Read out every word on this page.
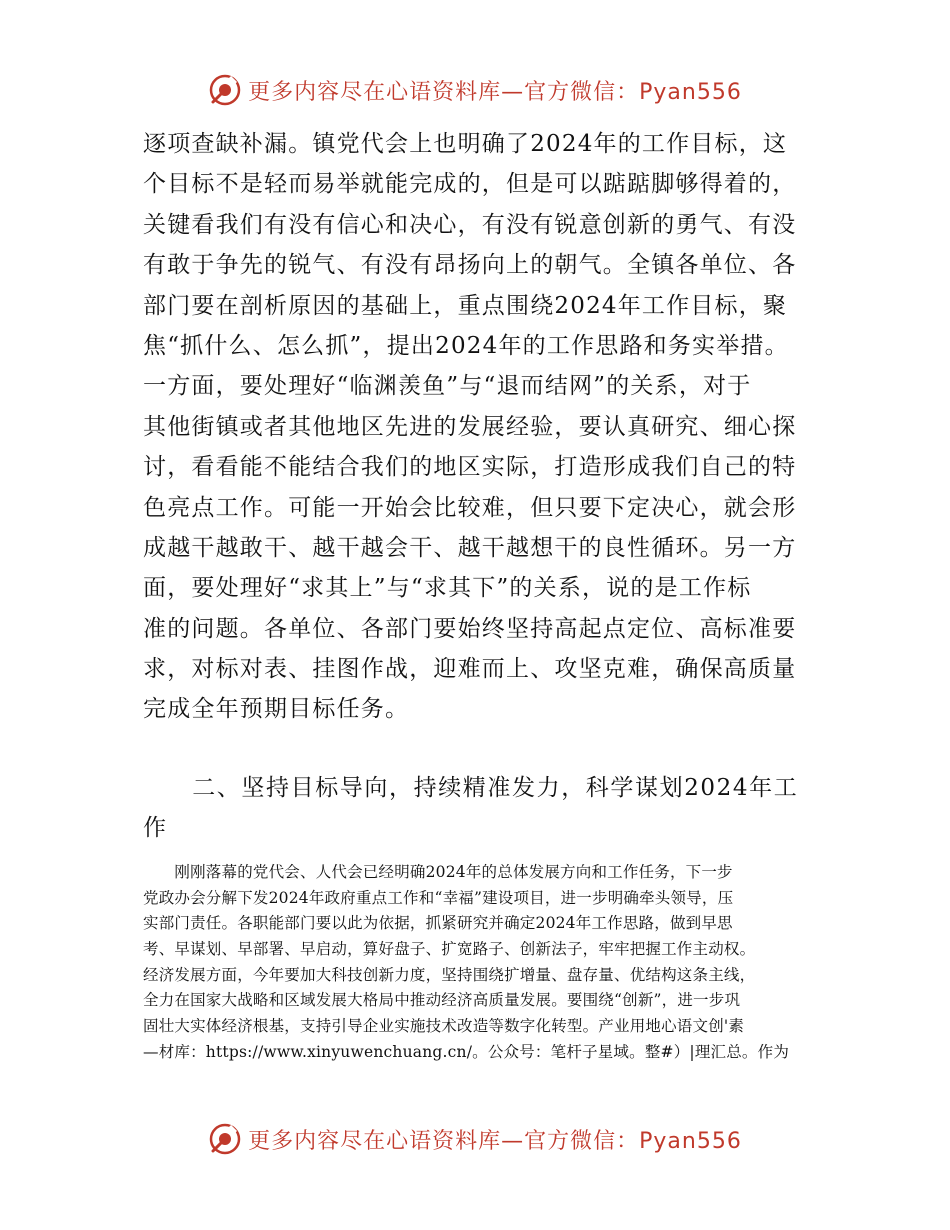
更多内容尽在心语资料库—官方微信：Pyan556
逐项查缺补漏。镇党代会上也明确了2024年的工作目标，这
个目标不是轻而易举就能完成的，但是可以踮踮脚够得着的，
关键看我们有没有信心和决心，有没有锐意创新的勇气、有没
有敢于争先的锐气、有没有昂扬向上的朝气。全镇各单位、各
部门要在剖析原因的基础上，重点围绕2024年工作目标，聚
焦“抓什么、怎么抓”，提出2024年的工作思路和务实举措。
一方面，要处理好“临渊羡鱼”与“退而结网”的关系，对于
其他街镇或者其他地区先进的发展经验，要认真研究、细心探
讨，看看能不能结合我们的地区实际，打造形成我们自己的特
色亮点工作。可能一开始会比较难，但只要下定决心，就会形
成越干越敢干、越干越会干、越干越想干的良性循环。另一方
面，要处理好“求其上”与“求其下”的关系，说的是工作标
准的问题。各单位、各部门要始终坚持高起点定位、高标准要
求，对标对表、挂图作战，迎难而上、攻坚克难，确保高质量
完成全年预期目标任务。
　　二、坚持目标导向，持续精准发力，科学谋划2024年工
作
　　刚刚落幕的党代会、人代会已经明确2024年的总体发展方向和工作任务，下一步
党政办会分解下发2024年政府重点工作和“幸福”建设项目，进一步明确牵头领导，压
实部门责任。各职能部门要以此为依据，抓紧研究并确定2024年工作思路，做到早思
考、早谋划、早部署、早启动，算好盘子、扩宽路子、创新法子，牢牢把握工作主动权。
经济发展方面，今年要加大科技创新力度，坚持围绕扩增量、盘存量、优结构这条主线，
全力在国家大战略和区域发展大格局中推动经济高质量发展。要围绕“创新”，进一步巩
固壮大实体经济根基，支持引导企业实施技术改造等数字化转型。产业用地心语文创'素
—材库：https://www.xinyuwenchuang.cn/。公众号：笔杆子星域。整#）|理汇总。作为
更多内容尽在心语资料库—官方微信：Pyan556
